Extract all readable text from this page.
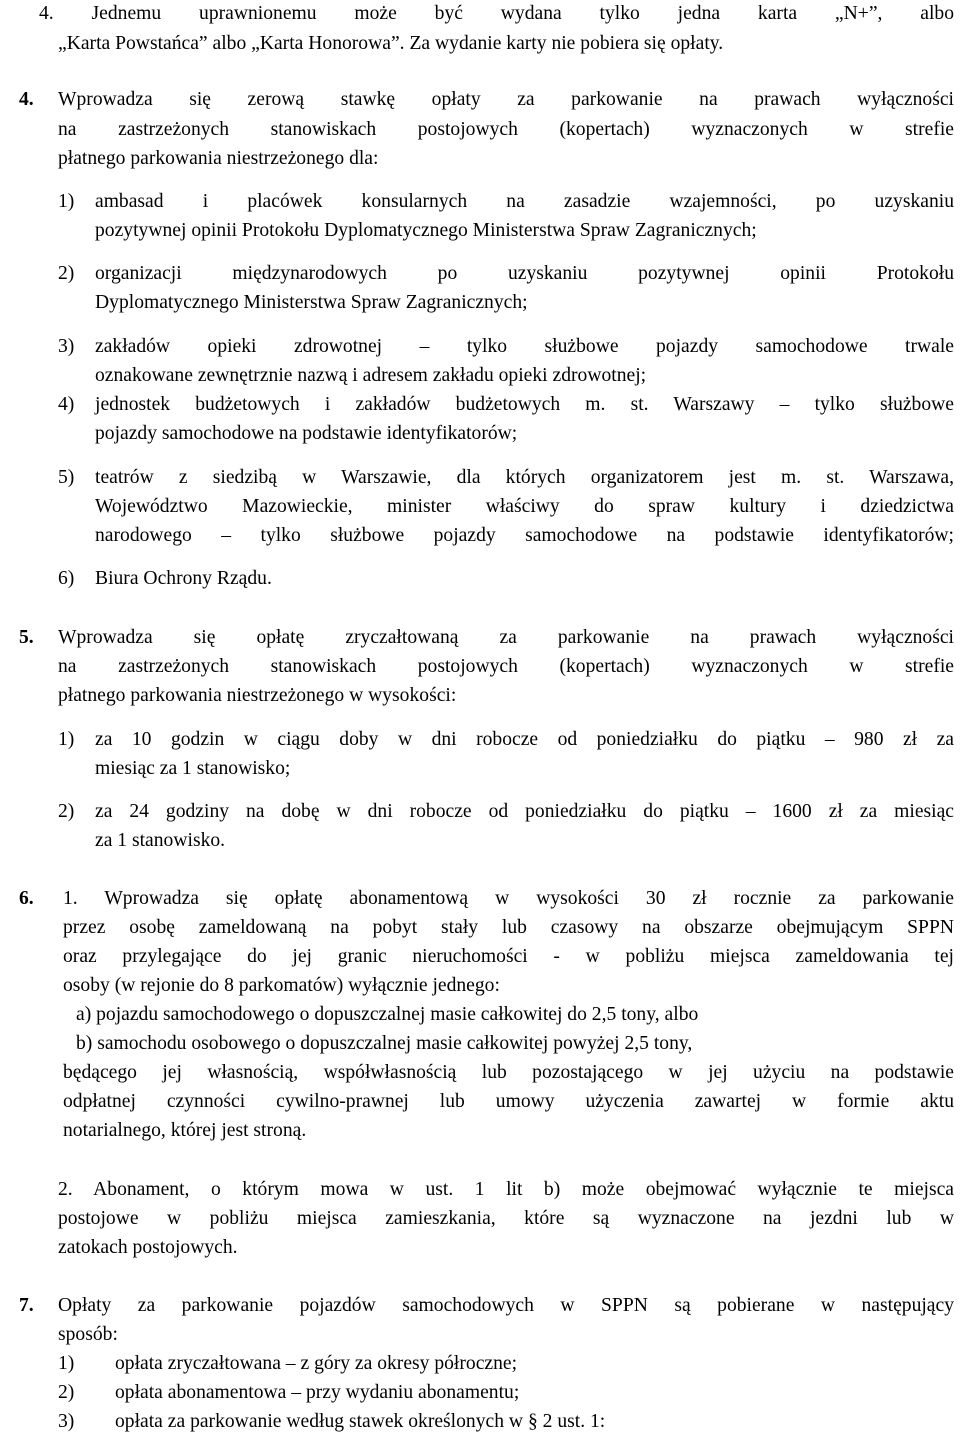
4. Jednemu uprawnionemu może być wydana tylko jedna karta „N+”, albo
„Karta Powstańca” albo „Karta Honorowa”. Za wydanie karty nie pobiera się opłaty.
4. Wprowadza się zerową stawkę opłaty za parkowanie na prawach wyłączności
na zastrzeżonych stanowiskach postojowych (kopertach) wyznaczonych w strefie
płatnego parkowania niestrzeżonego dla:
1) ambasad i placówek konsularnych na zasadzie wzajemności, po uzyskaniu
pozytywnej opinii Protokołu Dyplomatycznego Ministerstwa Spraw Zagranicznych;
2) organizacji międzynarodowych po uzyskaniu pozytywnej opinii Protokołu
Dyplomatycznego Ministerstwa Spraw Zagranicznych;
3) zakładów opieki zdrowotnej – tylko służbowe pojazdy samochodowe trwale
oznakowane zewnętrznie nazwą i adresem zakładu opieki zdrowotnej;
4) jednostek budżetowych i zakładów budżetowych m. st. Warszawy – tylko służbowe
pojazdy samochodowe na podstawie identyfikatorów;
5) teatrów z siedzibą w Warszawie, dla których organizatorem jest m. st. Warszawa,
Województwo Mazowieckie, minister właściwy do spraw kultury i dziedzictwa
narodowego – tylko służbowe pojazdy samochodowe na podstawie identyfikatorów;
6) Biura Ochrony Rządu.
5. Wprowadza się opłatę zryczałtowaną za parkowanie na prawach wyłączności
na zastrzeżonych stanowiskach postojowych (kopertach) wyznaczonych w strefie
płatnego parkowania niestrzeżonego w wysokości:
1) za 10 godzin w ciągu doby w dni robocze od poniedziałku do piątku – 980 zł za
miesiąc za 1 stanowisko;
2) za 24 godziny na dobę w dni robocze od poniedziałku do piątku – 1600 zł za miesiąc
za 1 stanowisko.
6. 1. Wprowadza się opłatę abonamentową w wysokości 30 zł rocznie za parkowanie
przez osobę zameldowaną na pobyt stały lub czasowy na obszarze obejmującym SPPN
oraz przylegające do jej granic nieruchomości - w pobliżu miejsca zameldowania tej
osoby (w rejonie do 8 parkomatów) wyłącznie jednego:
a) pojazdu samochodowego o dopuszczalnej masie całkowitej do 2,5 tony, albo
b) samochodu osobowego o dopuszczalnej masie całkowitej powyżej 2,5 tony,
będącego jej własnością, współwłasnością lub pozostającego w jej użyciu na podstawie
odpłatnej czynności cywilno-prawnej lub umowy użyczenia zawartej w formie aktu
notarialnego, której jest stroną.
2. Abonament, o którym mowa w ust. 1 lit b) może obejmować wyłącznie te miejsca
postojowe w pobliżu miejsca zamieszkania, które są wyznaczone na jezdni lub w
zatokach postojowych.
7. Opłaty za parkowanie pojazdów samochodowych w SPPN są pobierane w następujący
sposób:
1) opłata zryczałtowana – z góry za okresy półroczne;
2) opłata abonamentowa – przy wydaniu abonamentu;
3) opłata za parkowanie według stawek określonych w § 2 ust. 1:
